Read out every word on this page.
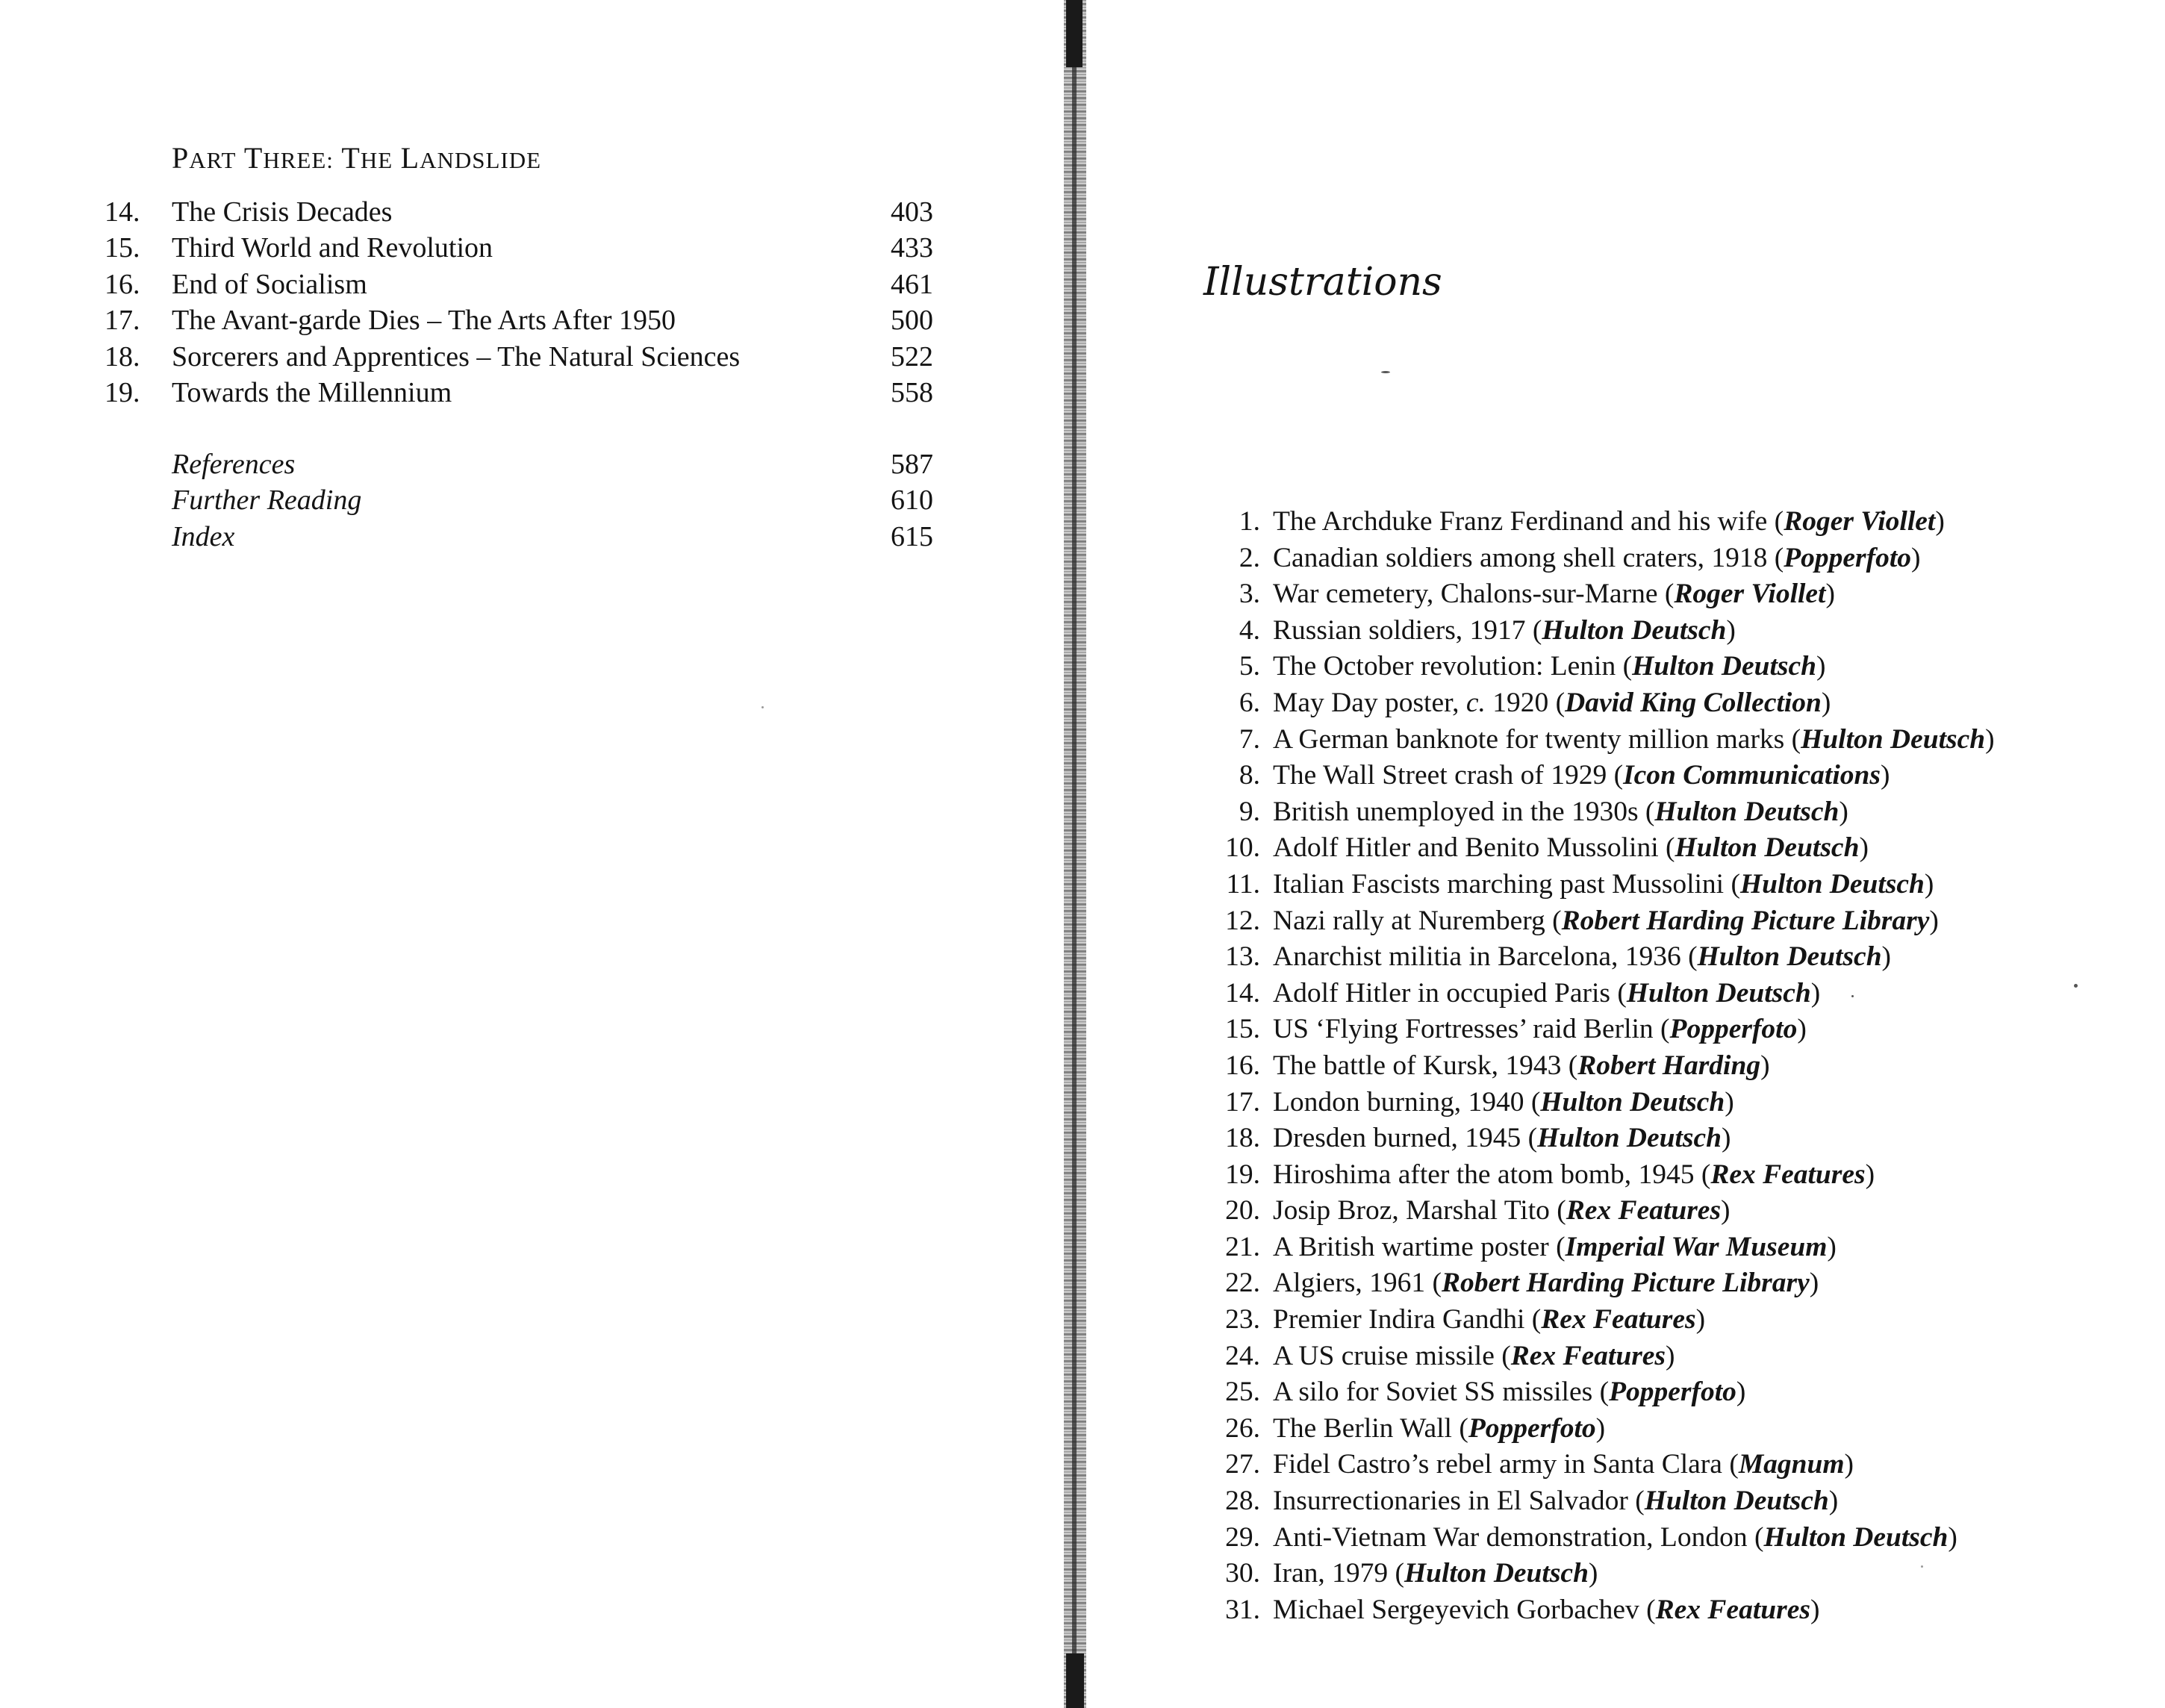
PART THREE: THE LANDSLIDE
14.	The Crisis Decades	403
15.	Third World and Revolution	433
16.	End of Socialism	461
17.	The Avant-garde Dies – The Arts After 1950	500
18.	Sorcerers and Apprentices – The Natural Sciences	522
19.	Towards the Millennium	558
References	587
Further Reading	610
Index	615
Illustrations
1. The Archduke Franz Ferdinand and his wife (Roger Viollet)
2. Canadian soldiers among shell craters, 1918 (Popperfoto)
3. War cemetery, Chalons-sur-Marne (Roger Viollet)
4. Russian soldiers, 1917 (Hulton Deutsch)
5. The October revolution: Lenin (Hulton Deutsch)
6. May Day poster, c. 1920 (David King Collection)
7. A German banknote for twenty million marks (Hulton Deutsch)
8. The Wall Street crash of 1929 (Icon Communications)
9. British unemployed in the 1930s (Hulton Deutsch)
10. Adolf Hitler and Benito Mussolini (Hulton Deutsch)
11. Italian Fascists marching past Mussolini (Hulton Deutsch)
12. Nazi rally at Nuremberg (Robert Harding Picture Library)
13. Anarchist militia in Barcelona, 1936 (Hulton Deutsch)
14. Adolf Hitler in occupied Paris (Hulton Deutsch)
15. US ‘Flying Fortresses’ raid Berlin (Popperfoto)
16. The battle of Kursk, 1943 (Robert Harding)
17. London burning, 1940 (Hulton Deutsch)
18. Dresden burned, 1945 (Hulton Deutsch)
19. Hiroshima after the atom bomb, 1945 (Rex Features)
20. Josip Broz, Marshal Tito (Rex Features)
21. A British wartime poster (Imperial War Museum)
22. Algiers, 1961 (Robert Harding Picture Library)
23. Premier Indira Gandhi (Rex Features)
24. A US cruise missile (Rex Features)
25. A silo for Soviet SS missiles (Popperfoto)
26. The Berlin Wall (Popperfoto)
27. Fidel Castro’s rebel army in Santa Clara (Magnum)
28. Insurrectionaries in El Salvador (Hulton Deutsch)
29. Anti-Vietnam War demonstration, London (Hulton Deutsch)
30. Iran, 1979 (Hulton Deutsch)
31. Michael Sergeyevich Gorbachev (Rex Features)
